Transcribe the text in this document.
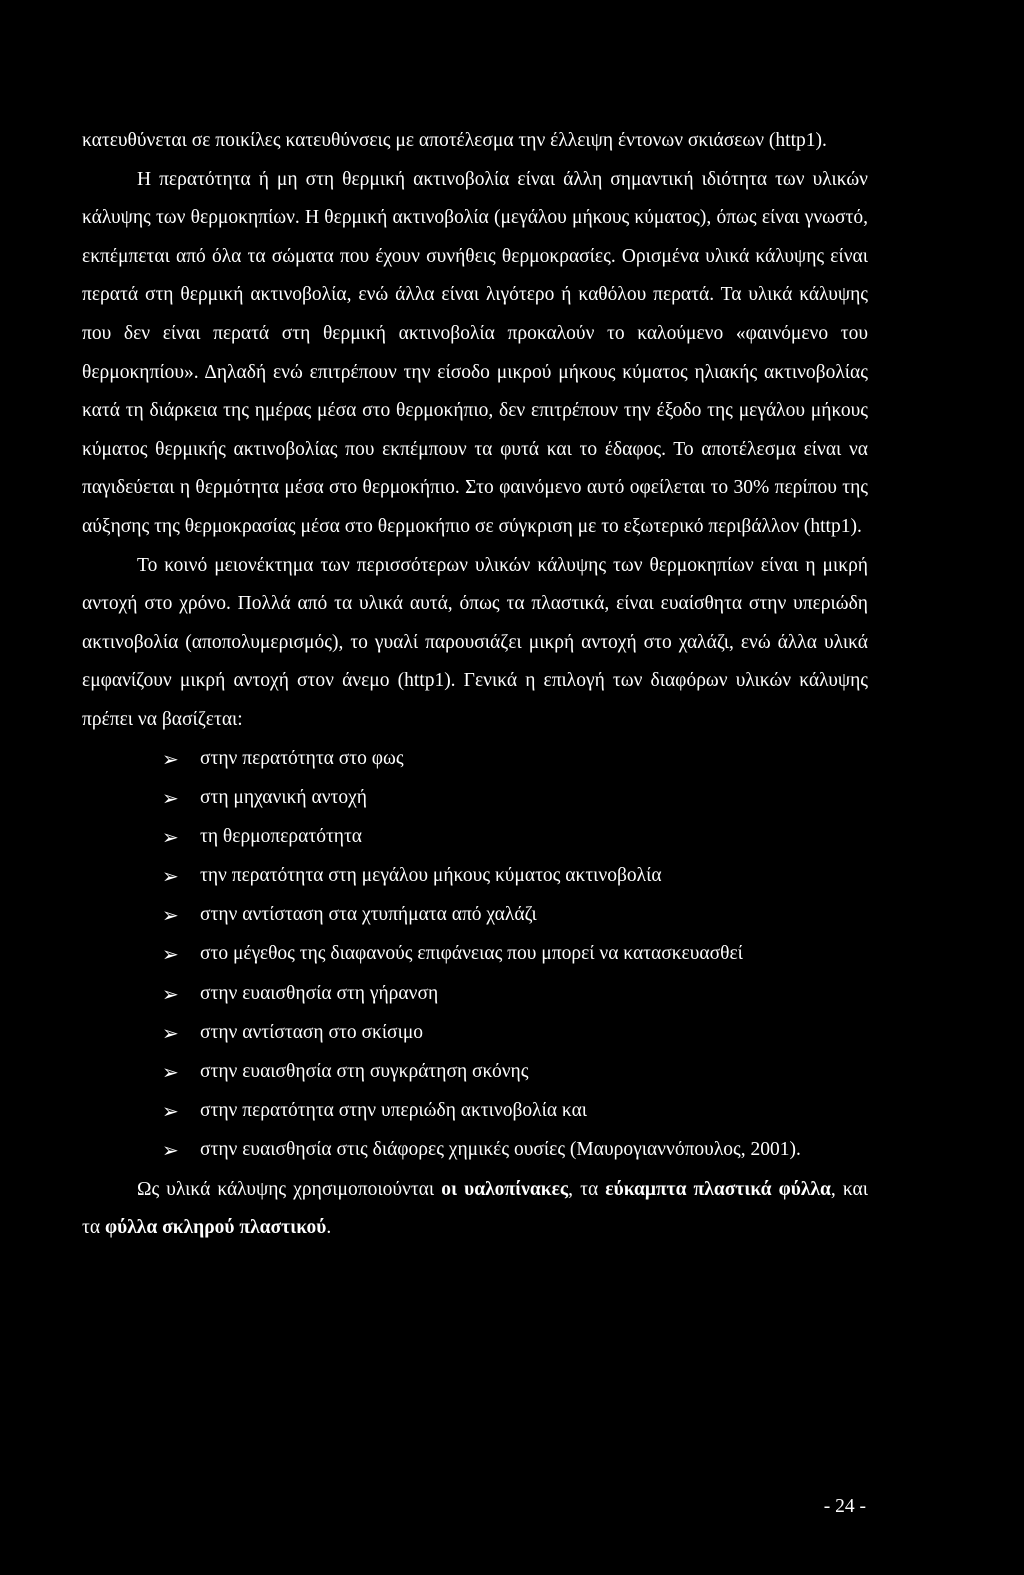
κατευθύνεται σε ποικίλες κατευθύνσεις με αποτέλεσμα την έλλειψη έντονων σκιάσεων (http1).

Η περατότητα ή μη στη θερμική ακτινοβολία είναι άλλη σημαντική ιδιότητα των υλικών κάλυψης των θερμοκηπίων. Η θερμική ακτινοβολία (μεγάλου μήκους κύματος), όπως είναι γνωστό, εκπέμπεται από όλα τα σώματα που έχουν συνήθεις θερμοκρασίες. Ορισμένα υλικά κάλυψης είναι περατά στη θερμική ακτινοβολία, ενώ άλλα είναι λιγότερο ή καθόλου περατά. Τα υλικά κάλυψης που δεν είναι περατά στη θερμική ακτινοβολία προκαλούν το καλούμενο «φαινόμενο του θερμοκηπίου». Δηλαδή ενώ επιτρέπουν την είσοδο μικρού μήκους κύματος ηλιακής ακτινοβολίας κατά τη διάρκεια της ημέρας μέσα στο θερμοκήπιο, δεν επιτρέπουν την έξοδο της μεγάλου μήκους κύματος θερμικής ακτινοβολίας που εκπέμπουν τα φυτά και το έδαφος. Το αποτέλεσμα είναι να παγιδεύεται η θερμότητα μέσα στο θερμοκήπιο. Στο φαινόμενο αυτό οφείλεται το 30% περίπου της αύξησης της θερμοκρασίας μέσα στο θερμοκήπιο σε σύγκριση με το εξωτερικό περιβάλλον (http1).

Το κοινό μειονέκτημα των περισσότερων υλικών κάλυψης των θερμοκηπίων είναι η μικρή αντοχή στο χρόνο. Πολλά από τα υλικά αυτά, όπως τα πλαστικά, είναι ευαίσθητα στην υπεριώδη ακτινοβολία (αποπολυμερισμός), το γυαλί παρουσιάζει μικρή αντοχή στο χαλάζι, ενώ άλλα υλικά εμφανίζουν μικρή αντοχή στον άνεμο (http1). Γενικά η επιλογή των διαφόρων υλικών κάλυψης πρέπει να βασίζεται:

➢	στην περατότητα στο φως
➢	στη μηχανική αντοχή
➢	τη θερμοπερατότητα
➢	την περατότητα στη μεγάλου μήκους κύματος ακτινοβολία
➢	στην αντίσταση στα χτυπήματα από χαλάζι
➢	στο μέγεθος της διαφανούς επιφάνειας που μπορεί να κατασκευασθεί
➢	στην ευαισθησία στη γήρανση
➢	στην αντίσταση στο σκίσιμο
➢	στην ευαισθησία στη συγκράτηση σκόνης
➢	στην περατότητα στην υπεριώδη ακτινοβολία και
➢	στην ευαισθησία στις διάφορες χημικές ουσίες (Μαυρογιαννόπουλος, 2001).

Ως υλικά κάλυψης χρησιμοποιούνται οι υαλοπίνακες, τα εύκαμπτα πλαστικά φύλλα, και τα φύλλα σκληρού πλαστικού.

- 24 -
